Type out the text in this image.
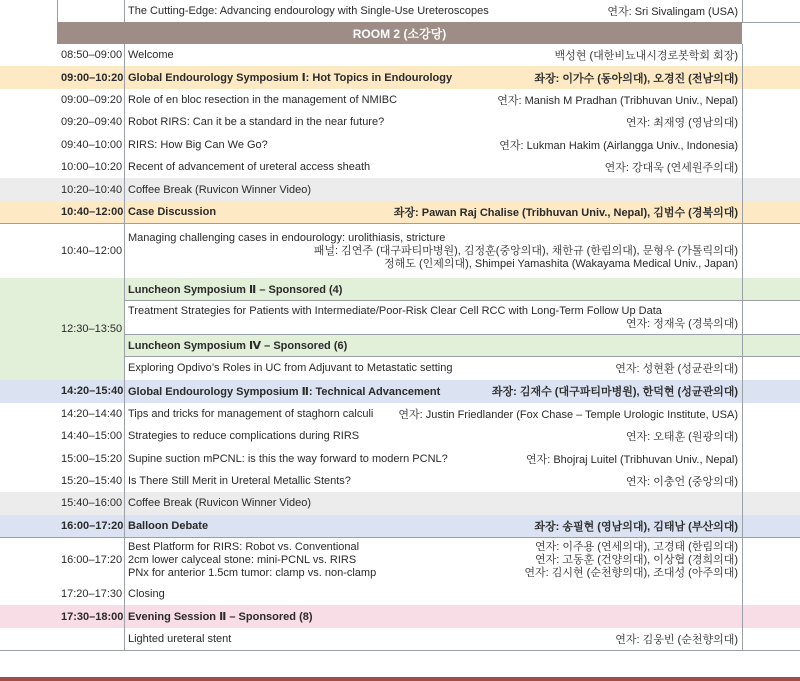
The Cutting-Edge: Advancing endourology with Single-Use Ureteroscopes	연자: Sri Sivalingam (USA)
ROOM 2 (소강당)
08:50–09:00 Welcome	백성현 (대한비뇨내시경로봇학회 회장)
09:00–10:20 Global Endourology Symposium Ⅰ: Hot Topics in Endourology	좌장: 이가수 (동아의대), 오경진 (전남의대)
09:00–09:20 Role of en bloc resection in the management of NMIBC	연자: Manish M Pradhan (Tribhuvan Univ., Nepal)
09:20–09:40 Robot RIRS: Can it be a standard in the near future?	연자: 최재영 (영남의대)
09:40–10:00 RIRS: How Big Can We Go?	연자: Lukman Hakim (Airlangga Univ., Indonesia)
10:00–10:20 Recent of advancement of ureteral access sheath	연자: 강대욱 (연세원주의대)
10:20–10:40 Coffee Break (Ruvicon Winner Video)
10:40–12:00 Case Discussion	좌장: Pawan Raj Chalise (Tribhuvan Univ., Nepal), 김범수 (경북의대)
10:40–12:00
Managing challenging cases in endourology: urolithiasis, stricture
패널: 김연주 (대구파티마병원), 김정훈(중앙의대), 채한규 (한림의대), 문형우 (가톨릭의대)
정해도 (인제의대), Shimpei Yamashita (Wakayama Medical Univ., Japan)
12:30–13:50
Luncheon Symposium Ⅱ – Sponsored (4)
Treatment Strategies for Patients with Intermediate/Poor-Risk Clear Cell RCC with Long-Term Follow Up Data
연자: 정재욱 (경북의대)
Luncheon Symposium Ⅳ – Sponsored (6)
Exploring Opdivo’s Roles in UC from Adjuvant to Metastatic setting	연자: 성현환 (성균관의대)
14:20–15:40 Global Endourology Symposium Ⅱ: Technical Advancement	좌장: 김재수 (대구파티마병원), 한덕현 (성균관의대)
14:20–14:40 Tips and tricks for management of staghorn calculi 연자: Justin Friedlander (Fox Chase – Temple Urologic Institute, USA)
14:40–15:00 Strategies to reduce complications during RIRS	연자: 오태훈 (원광의대)
15:00–15:20 Supine suction mPCNL: is this the way forward to modern PCNL?	연자: Bhojraj Luitel (Tribhuvan Univ., Nepal)
15:20–15:40 Is There Still Merit in Ureteral Metallic Stents?	연자: 이충언 (중앙의대)
15:40–16:00 Coffee Break (Ruvicon Winner Video)
16:00–17:20 Balloon Debate	좌장: 송필현 (영남의대), 김태남 (부산의대)
16:00–17:20
Best Platform for RIRS: Robot vs. Conventional	연자: 이주용 (연세의대), 고경태 (한림의대)
2cm lower calyceal stone: mini-PCNL vs. RIRS	연자: 고동훈 (건양의대), 이상협 (경희의대)
PNx for anterior 1.5cm tumor: clamp vs. non-clamp	연자: 김시현 (순천향의대), 조대성 (아주의대)
17:20–17:30 Closing
17:30–18:00 Evening Session Ⅱ – Sponsored (8)
Lighted ureteral stent	연자: 김웅빈 (순천향의대)
